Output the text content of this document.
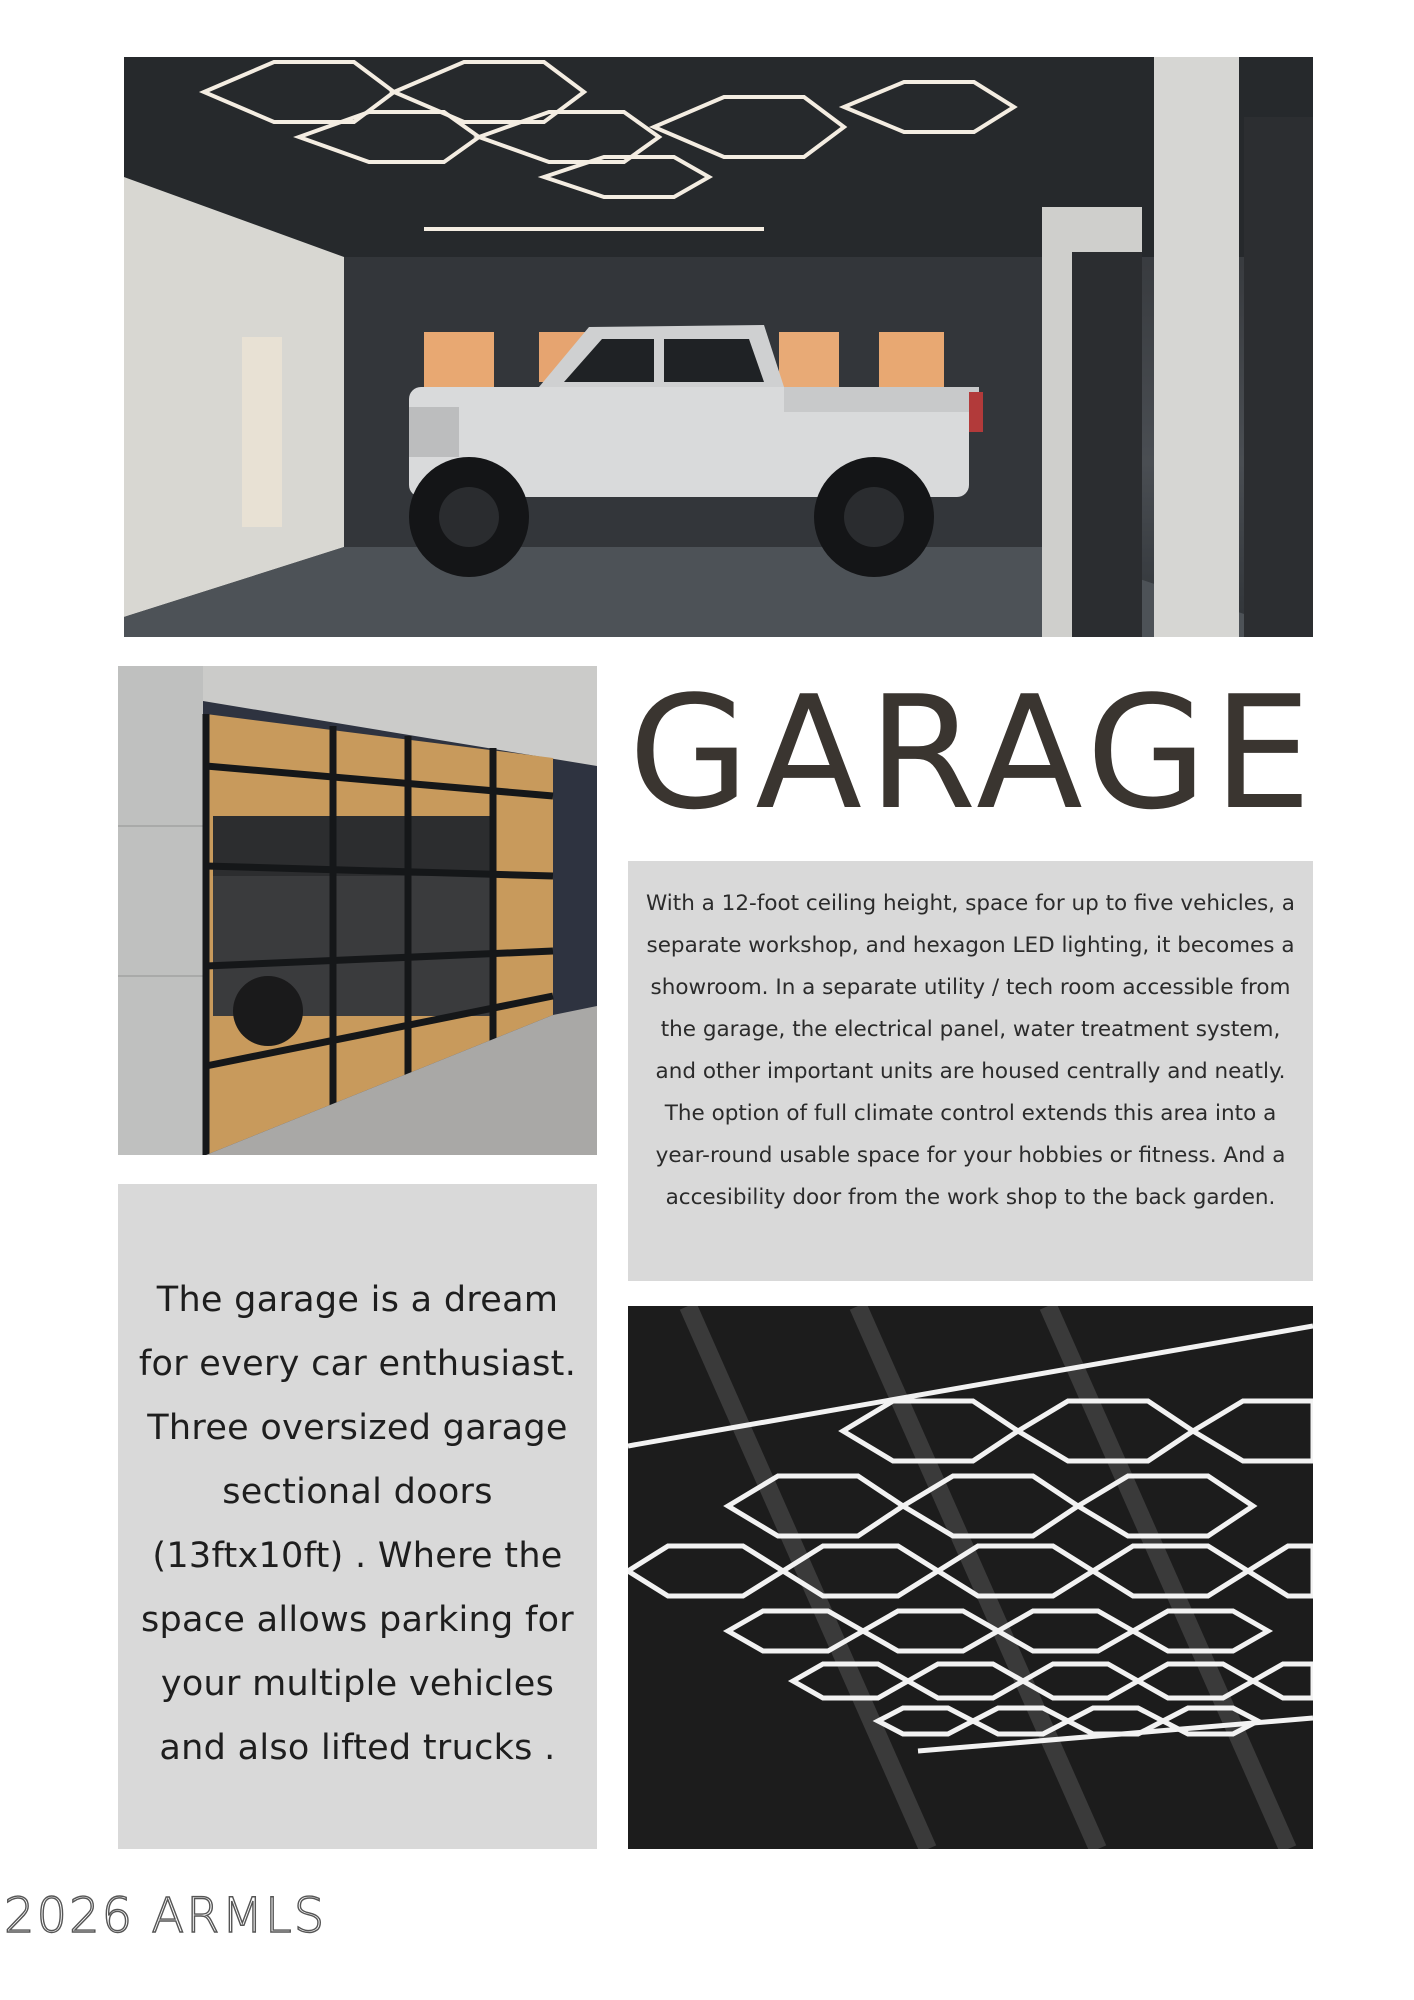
GARAGE

With a 12-foot ceiling height, space for up to five vehicles, a separate workshop, and hexagon LED lighting, it becomes a showroom. In a separate utility / tech room accessible from the garage, the electrical panel, water treatment system, and other important units are housed centrally and neatly. The option of full climate control extends this area into a year-round usable space for your hobbies or fitness. And a accesibility door from the work shop to the back garden.

The garage is a dream for every car enthusiast. Three oversized garage sectional doors (13ftx10ft) . Where the space allows parking for your multiple vehicles and also lifted trucks .

2026 ARMLS
